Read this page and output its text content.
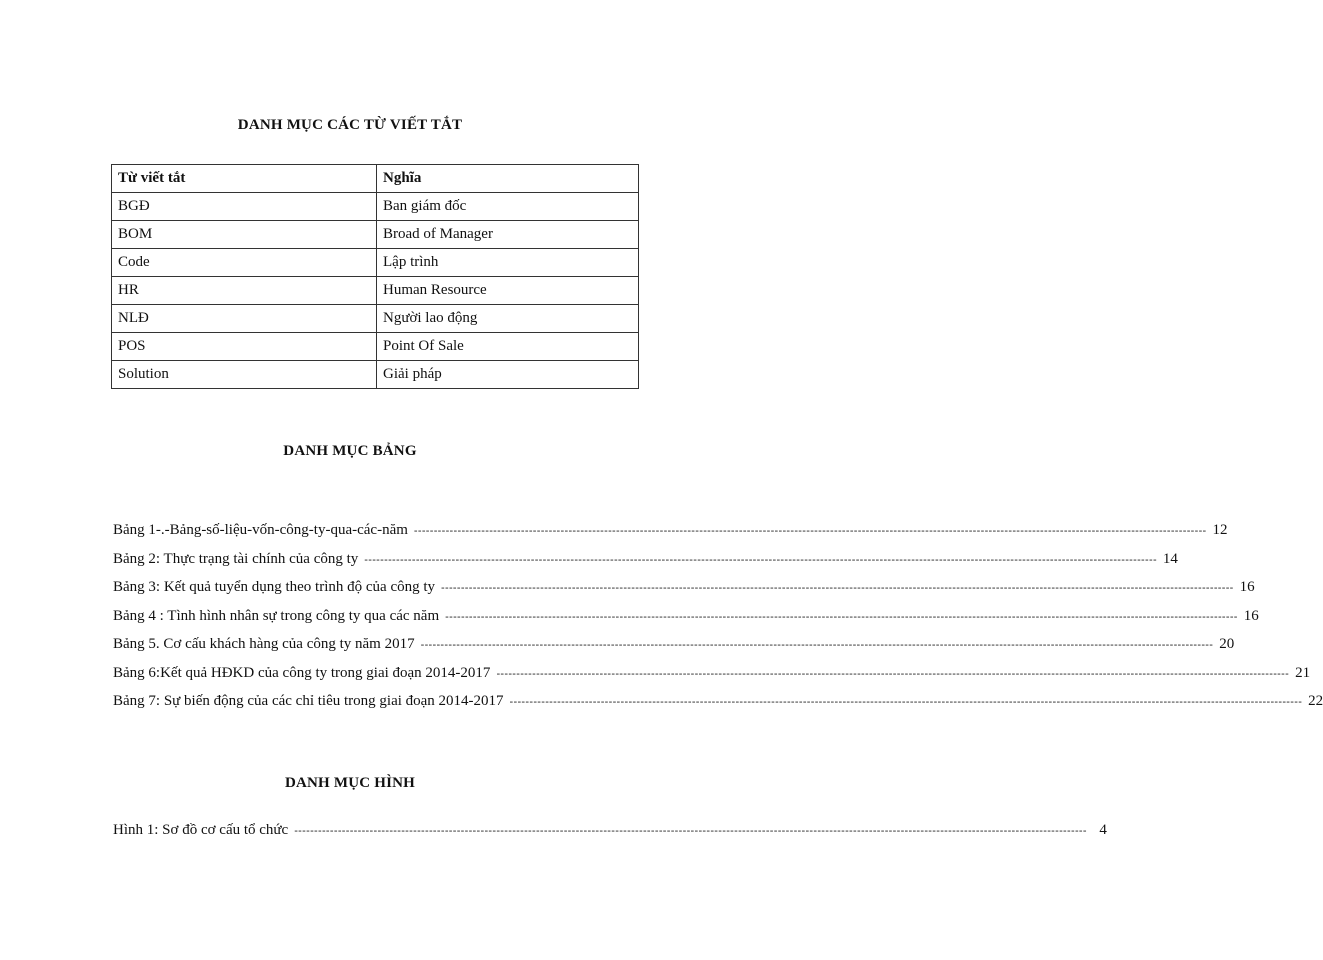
DANH MỤC CÁC TỪ VIẾT TẮT
Từ viết tắt	Nghĩa
BGĐ	Ban giám đốc
BOM	Broad of Manager
Code	Lập trình
HR	Human Resource
NLĐ	Người lao động
POS	Point Of Sale
Solution	Giải pháp
DANH MỤC BẢNG
Bảng 1-.-Bảng-số-liệu-vốn-công-ty-qua-các-năm -------------------------------------------------------------------------------------------------------------------------------------------------------------------------------------------------------- 12
Bảng 2: Thực trạng tài chính của công ty -------------------------------------------------------------------------------------------------------------------------------------------------------------------------------------------------------- 14
Bảng 3: Kết quả tuyển dụng theo trình độ của công ty -------------------------------------------------------------------------------------------------------------------------------------------------------------------------------------------------------- 16
Bảng 4 : Tình hình nhân sự trong công ty qua các năm -------------------------------------------------------------------------------------------------------------------------------------------------------------------------------------------------------- 16
Bảng 5. Cơ cấu khách hàng của công ty năm 2017 -------------------------------------------------------------------------------------------------------------------------------------------------------------------------------------------------------- 20
Bảng 6:Kết quả HĐKD của công ty trong giai đoạn 2014-2017 -------------------------------------------------------------------------------------------------------------------------------------------------------------------------------------------------------- 21
Bảng 7: Sự biến động của các chỉ tiêu trong giai đoạn 2014-2017 -------------------------------------------------------------------------------------------------------------------------------------------------------------------------------------------------------- 22
DANH MỤC HÌNH
Hình 1: Sơ đồ cơ cấu tổ chức -------------------------------------------------------------------------------------------------------------------------------------------------------------------------------------------------------- 4
